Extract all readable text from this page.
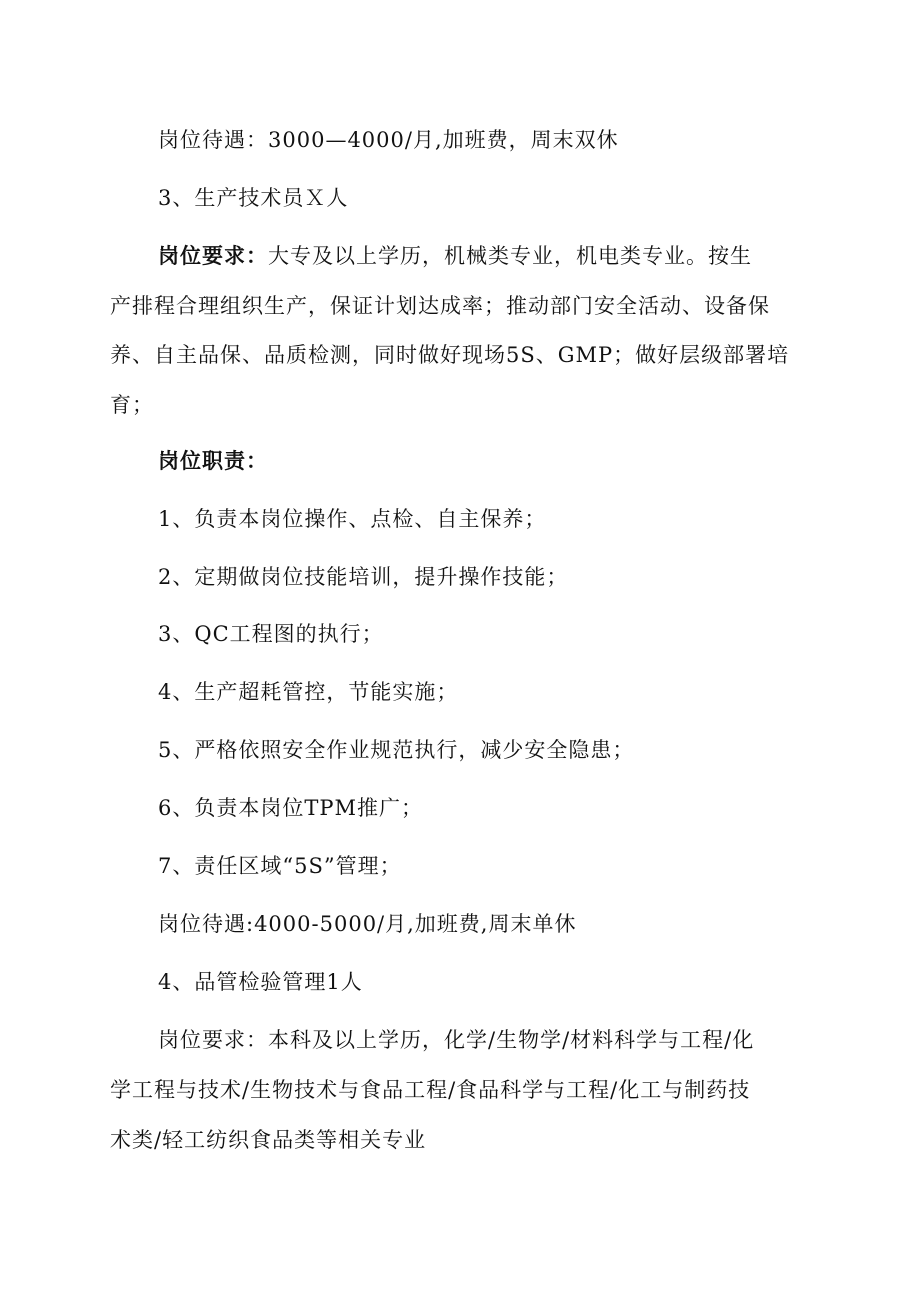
岗位待遇：3000—4000/月,加班费，周末双休
3、生产技术员Ｘ人
岗位要求：大专及以上学历，机械类专业，机电类专业。按生
产排程合理组织生产，保证计划达成率；推动部门安全活动、设备保
养、自主品保、品质检测，同时做好现场5S、GMP；做好层级部署培
育；
岗位职责：
1、负责本岗位操作、点检、自主保养；
2、定期做岗位技能培训，提升操作技能；
3、QC工程图的执行；
4、生产超耗管控，节能实施；
5、严格依照安全作业规范执行，减少安全隐患；
6、负责本岗位TPM推广；
7、责任区域“5S”管理；
岗位待遇:4000-5000/月,加班费,周末单休
4、品管检验管理1人
岗位要求：本科及以上学历，化学/生物学/材料科学与工程/化
学工程与技术/生物技术与食品工程/食品科学与工程/化工与制药技
术类/轻工纺织食品类等相关专业
